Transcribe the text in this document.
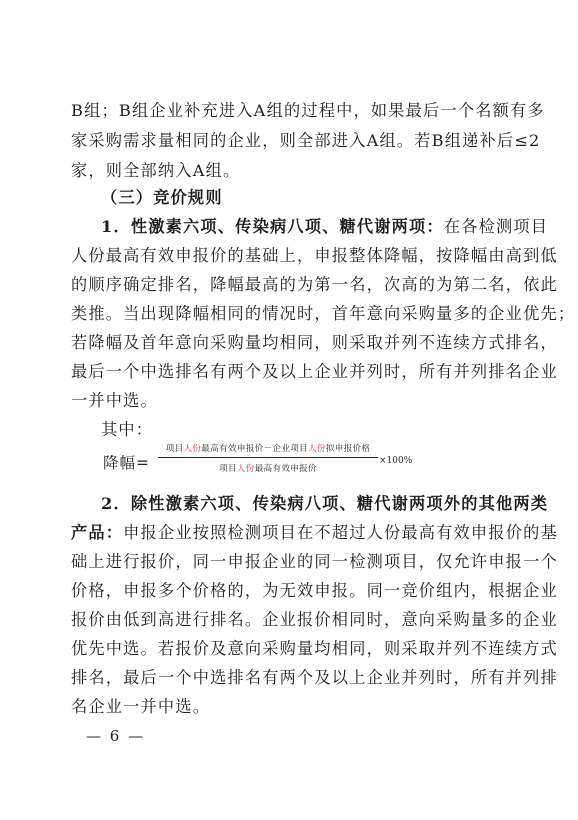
B组；B组企业补充进入A组的过程中，如果最后一个名额有多
家采购需求量相同的企业，则全部进入A组。若B组递补后≤2
家，则全部纳入A组。
（三）竞价规则
1．性激素六项、传染病八项、糖代谢两项：在各检测项目
人份最高有效申报价的基础上，申报整体降幅，按降幅由高到低
的顺序确定排名，降幅最高的为第一名，次高的为第二名，依此
类推。当出现降幅相同的情况时，首年意向采购量多的企业优先；
若降幅及首年意向采购量均相同，则采取并列不连续方式排名，
最后一个中选排名有两个及以上企业并列时，所有并列排名企业
一并中选。
其中：
降幅=
项目人份最高有效申报价－企业项目人份拟申报价格
项目人份最高有效申报价
×100%
2．除性激素六项、传染病八项、糖代谢两项外的其他两类
产品：申报企业按照检测项目在不超过人份最高有效申报价的基
础上进行报价，同一申报企业的同一检测项目，仅允许申报一个
价格，申报多个价格的，为无效申报。同一竞价组内，根据企业
报价由低到高进行排名。企业报价相同时，意向采购量多的企业
优先中选。若报价及意向采购量均相同，则采取并列不连续方式
排名，最后一个中选排名有两个及以上企业并列时，所有并列排
名企业一并中选。
— 6 —
